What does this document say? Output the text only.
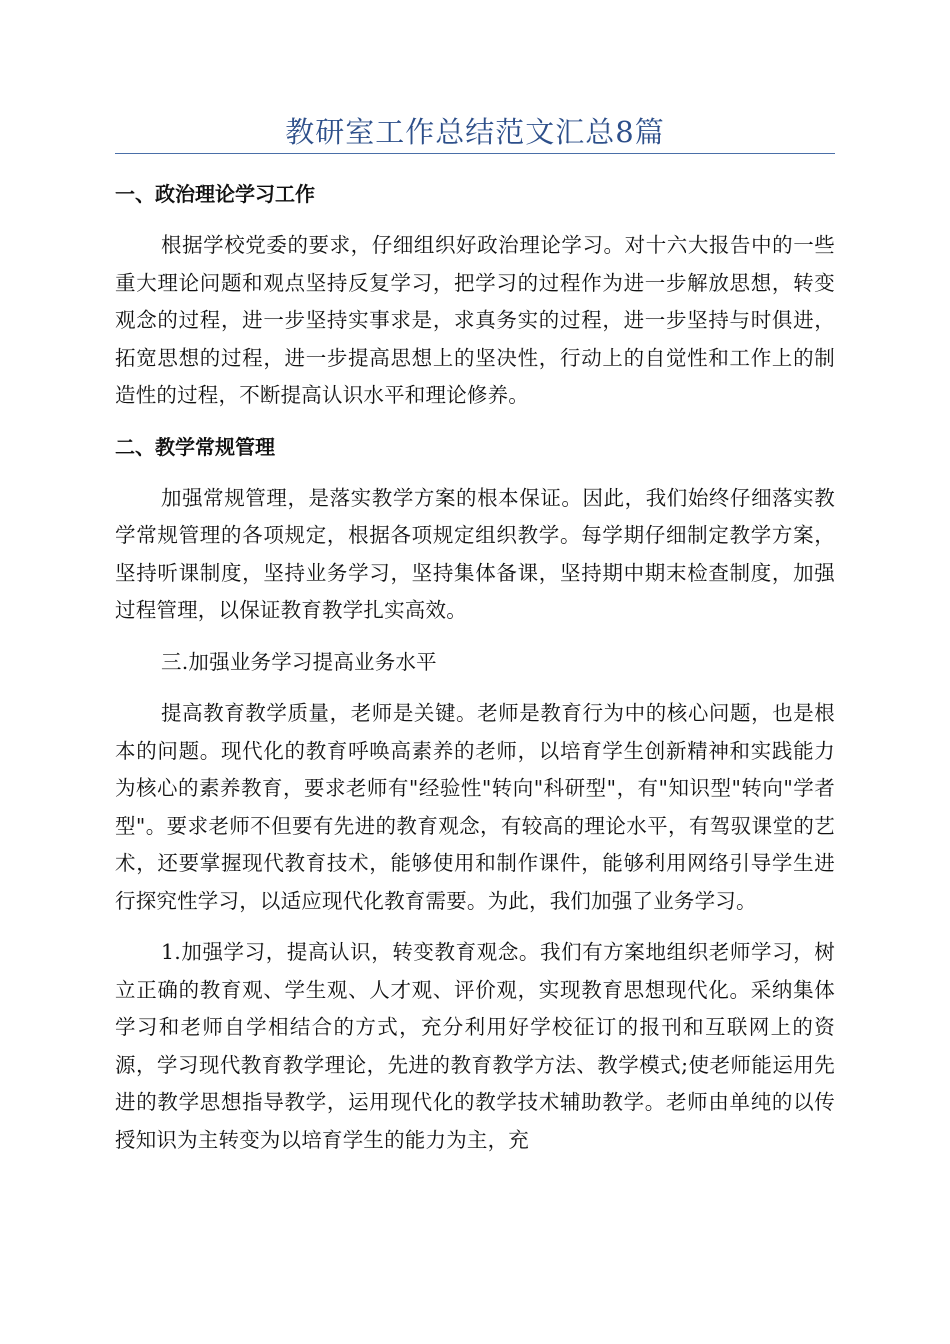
教研室工作总结范文汇总8篇
一、政治理论学习工作

根据学校党委的要求，仔细组织好政治理论学习。对十六大报告中的一些重大理论问题和观点坚持反复学习，把学习的过程作为进一步解放思想，转变观念的过程，进一步坚持实事求是，求真务实的过程，进一步坚持与时俱进，拓宽思想的过程，进一步提高思想上的坚决性，行动上的自觉性和工作上的制造性的过程，不断提高认识水平和理论修养。

二、教学常规管理

加强常规管理，是落实教学方案的根本保证。因此，我们始终仔细落实教学常规管理的各项规定，根据各项规定组织教学。每学期仔细制定教学方案，坚持听课制度，坚持业务学习，坚持集体备课，坚持期中期末检查制度，加强过程管理，以保证教育教学扎实高效。

三.加强业务学习提高业务水平

提高教育教学质量，老师是关键。老师是教育行为中的核心问题，也是根本的问题。现代化的教育呼唤高素养的老师，以培育学生创新精神和实践能力为核心的素养教育，要求老师有"经验性"转向"科研型"，有"知识型"转向"学者型"。要求老师不但要有先进的教育观念，有较高的理论水平，有驾驭课堂的艺术，还要掌握现代教育技术，能够使用和制作课件，能够利用网络引导学生进行探究性学习，以适应现代化教育需要。为此，我们加强了业务学习。

1.加强学习，提高认识，转变教育观念。我们有方案地组织老师学习，树立正确的教育观、学生观、人才观、评价观，实现教育思想现代化。采纳集体学习和老师自学相结合的方式，充分利用好学校征订的报刊和互联网上的资源，学习现代教育教学理论，先进的教育教学方法、教学模式;使老师能运用先进的教学思想指导教学，运用现代化的教学技术辅助教学。老师由单纯的以传授知识为主转变为以培育学生的能力为主，充
